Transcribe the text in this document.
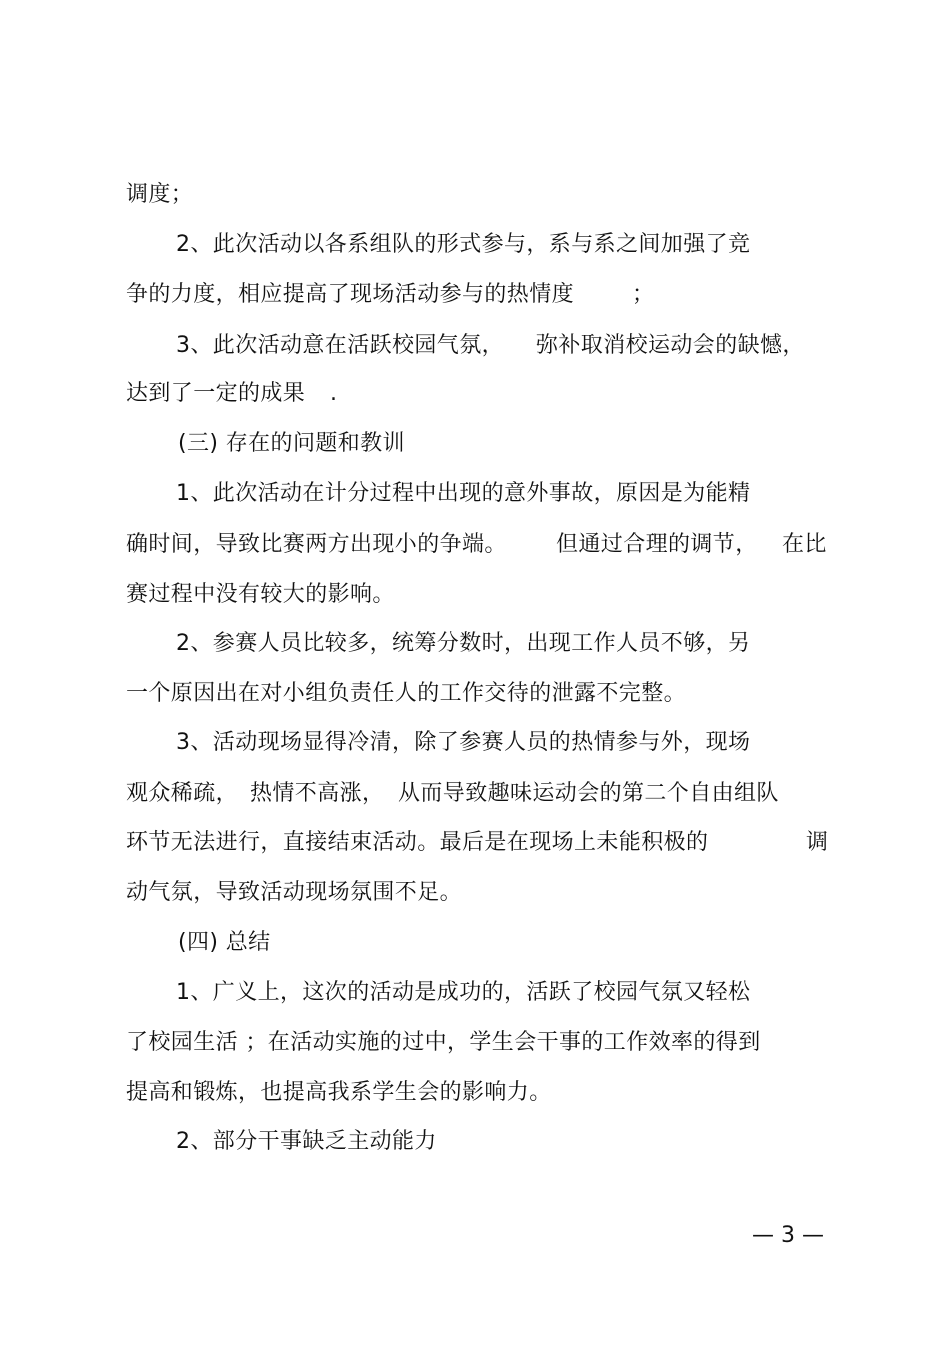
调度；
2、此次活动以各系组队的形式参与，系与系之间加强了竞
争的力度，相应提高了现场活动参与的热情度	；
3、此次活动意在活跃校园气氛， 弥补取消校运动会的缺憾，
达到了一定的成果 .
(三) 存在的问题和教训
1、此次活动在计分过程中出现的意外事故，原因是为能精
确时间，导致比赛两方出现小的争端。 但通过合理的调节， 在比
赛过程中没有较大的影响。
2、参赛人员比较多，统筹分数时，出现工作人员不够，另
一个原因出在对小组负责任人的工作交待的泄露不完整。
3、活动现场显得冷清，除了参赛人员的热情参与外，现场
观众稀疏， 热情不高涨， 从而导致趣味运动会的第二个自由组队
环节无法进行，直接结束活动。最后是在现场上未能积极的	调
动气氛，导致活动现场氛围不足。
(四) 总结
1、广义上，这次的活动是成功的，活跃了校园气氛又轻松
了校园生活 ；在活动实施的过中，学生会干事的工作效率的得到
提高和锻炼，也提高我系学生会的影响力。
2、部分干事缺乏主动能力
— 3 —
